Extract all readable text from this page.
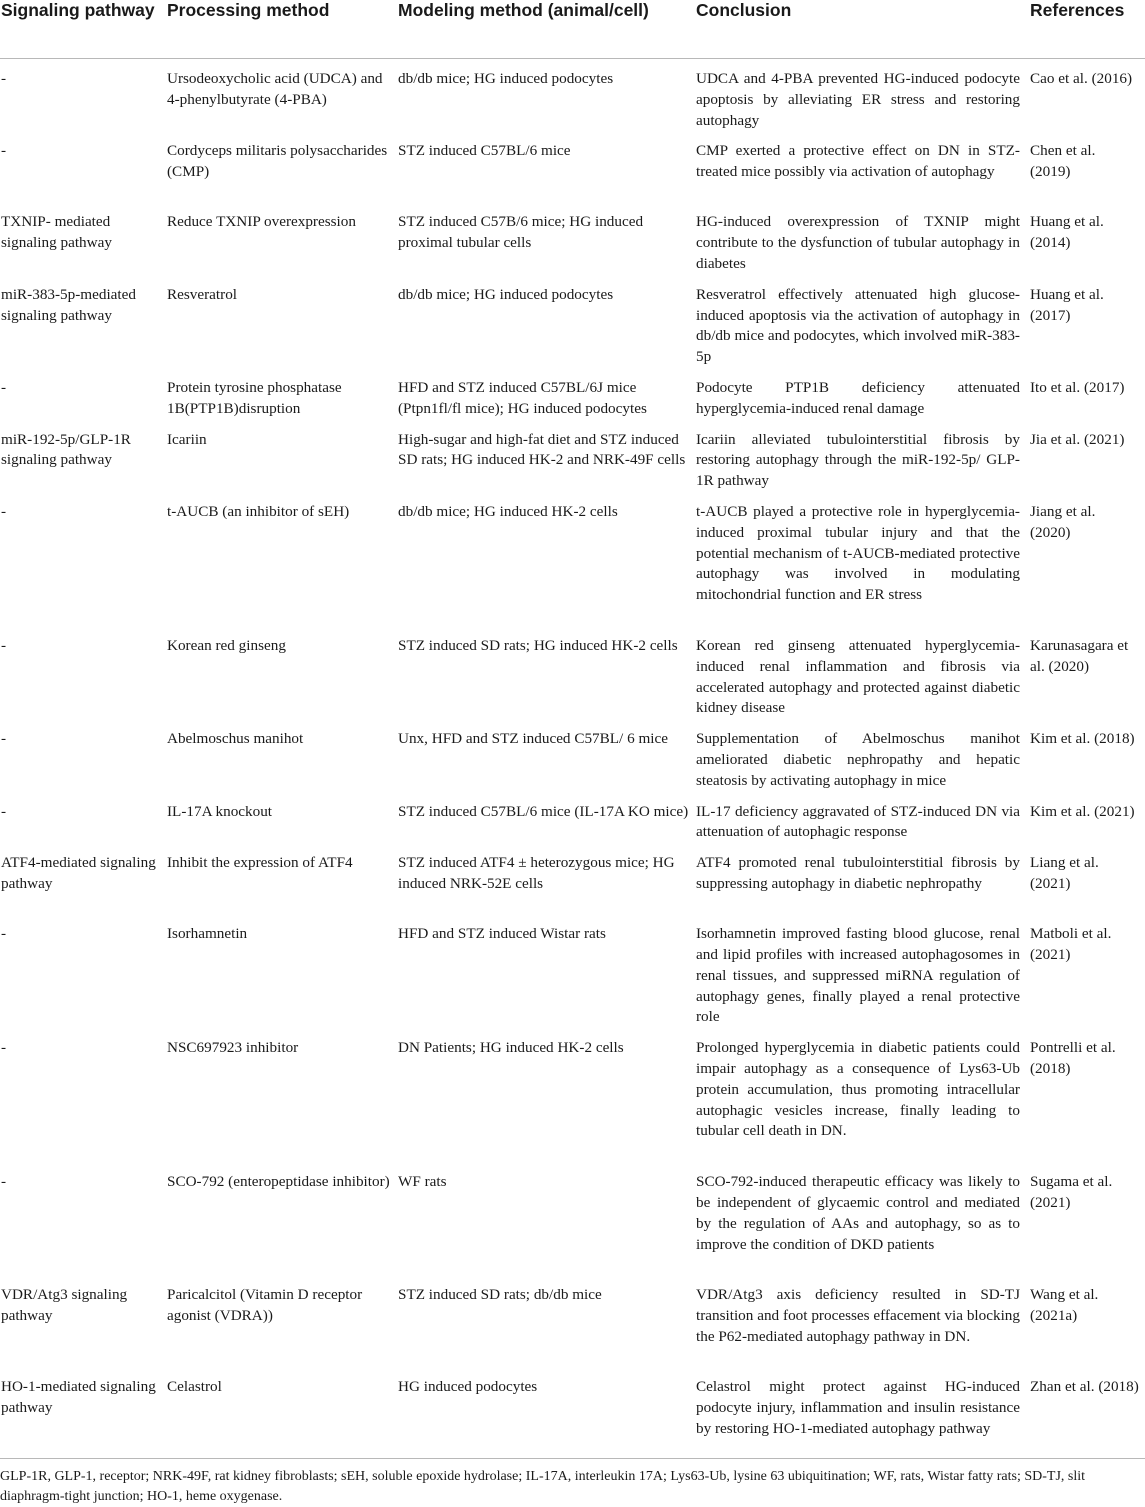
Signaling pathway	Processing method	Modeling method (animal/cell)	Conclusion	References
-	Ursodeoxycholic acid (UDCA) and 4-phenylbutyrate (4-PBA)	db/db mice; HG induced podocytes	UDCA and 4-PBA prevented HG-induced podocyte apoptosis by alleviating ER stress and restoring autophagy	Cao et al. (2016)
-	Cordyceps militaris polysaccharides (CMP)	STZ induced C57BL/6 mice	CMP exerted a protective effect on DN in STZ-treated mice possibly via activation of autophagy	Chen et al. (2019)
TXNIP- mediated signaling pathway	Reduce TXNIP overexpression	STZ induced C57B/6 mice; HG induced proximal tubular cells	HG-induced overexpression of TXNIP might contribute to the dysfunction of tubular autophagy in diabetes	Huang et al. (2014)
miR-383-5p-mediated signaling pathway	Resveratrol	db/db mice; HG induced podocytes	Resveratrol effectively attenuated high glucose-induced apoptosis via the activation of autophagy in db/db mice and podocytes, which involved miR-383-5p	Huang et al. (2017)
-	Protein tyrosine phosphatase 1B(PTP1B)disruption	HFD and STZ induced C57BL/6J mice (Ptpn1fl/fl mice); HG induced podocytes	Podocyte PTP1B deficiency attenuated hyperglycemia-induced renal damage	Ito et al. (2017)
miR-192-5p/GLP-1R signaling pathway	Icariin	High-sugar and high-fat diet and STZ induced SD rats; HG induced HK-2 and NRK-49F cells	Icariin alleviated tubulointerstitial fibrosis by restoring autophagy through the miR-192-5p/ GLP-1R pathway	Jia et al. (2021)
-	t-AUCB (an inhibitor of sEH)	db/db mice; HG induced HK-2 cells	t-AUCB played a protective role in hyperglycemia-induced proximal tubular injury and that the potential mechanism of t-AUCB-mediated protective autophagy was involved in modulating mitochondrial function and ER stress	Jiang et al. (2020)
-	Korean red ginseng	STZ induced SD rats; HG induced HK-2 cells	Korean red ginseng attenuated hyperglycemia-induced renal inflammation and fibrosis via accelerated autophagy and protected against diabetic kidney disease	Karunasagara et al. (2020)
-	Abelmoschus manihot	Unx, HFD and STZ induced C57BL/ 6 mice	Supplementation of Abelmoschus manihot ameliorated diabetic nephropathy and hepatic steatosis by activating autophagy in mice	Kim et al. (2018)
-	IL-17A knockout	STZ induced C57BL/6 mice (IL-17A KO mice)	IL-17 deficiency aggravated of STZ-induced DN via attenuation of autophagic response	Kim et al. (2021)
ATF4-mediated signaling pathway	Inhibit the expression of ATF4	STZ induced ATF4 ± heterozygous mice; HG induced NRK-52E cells	ATF4 promoted renal tubulointerstitial fibrosis by suppressing autophagy in diabetic nephropathy	Liang et al. (2021)
-	Isorhamnetin	HFD and STZ induced Wistar rats	Isorhamnetin improved fasting blood glucose, renal and lipid profiles with increased autophagosomes in renal tissues, and suppressed miRNA regulation of autophagy genes, finally played a renal protective role	Matboli et al. (2021)
-	NSC697923 inhibitor	DN Patients; HG induced HK-2 cells	Prolonged hyperglycemia in diabetic patients could impair autophagy as a consequence of Lys63-Ub protein accumulation, thus promoting intracellular autophagic vesicles increase, finally leading to tubular cell death in DN.	Pontrelli et al. (2018)
-	SCO-792 (enteropeptidase inhibitor)	WF rats	SCO-792-induced therapeutic efficacy was likely to be independent of glycaemic control and mediated by the regulation of AAs and autophagy, so as to improve the condition of DKD patients	Sugama et al. (2021)
VDR/Atg3 signaling pathway	Paricalcitol (Vitamin D receptor agonist (VDRA))	STZ induced SD rats; db/db mice	VDR/Atg3 axis deficiency resulted in SD-TJ transition and foot processes effacement via blocking the P62-mediated autophagy pathway in DN.	Wang et al. (2021a)
HO-1-mediated signaling pathway	Celastrol	HG induced podocytes	Celastrol might protect against HG-induced podocyte injury, inflammation and insulin resistance by restoring HO-1-mediated autophagy pathway	Zhan et al. (2018)
GLP-1R, GLP-1, receptor; NRK-49F, rat kidney fibroblasts; sEH, soluble epoxide hydrolase; IL-17A, interleukin 17A; Lys63-Ub, lysine 63 ubiquitination; WF, rats, Wistar fatty rats; SD-TJ, slit diaphragm-tight junction; HO-1, heme oxygenase.
